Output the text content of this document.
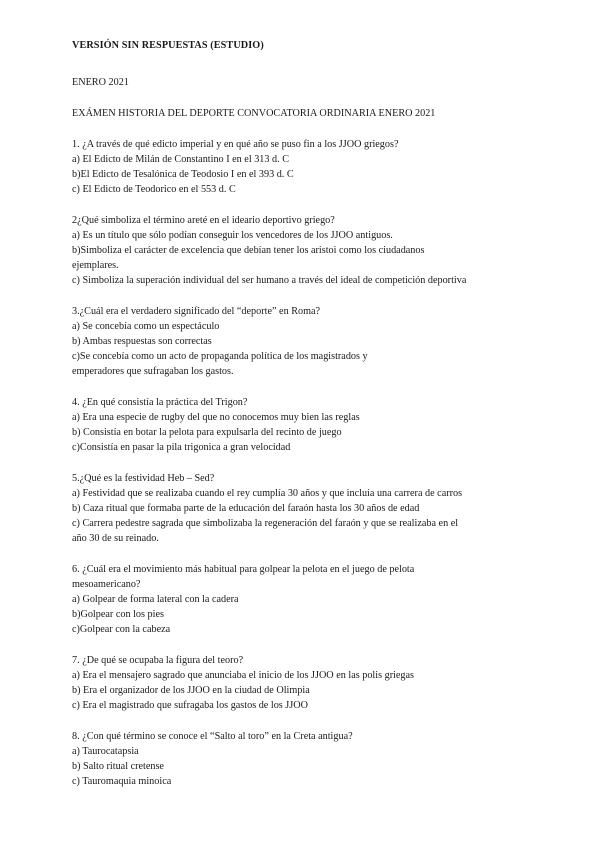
VERSIÓN SIN RESPUESTAS (ESTUDIO)
ENERO 2021
EXÁMEN HISTORIA DEL DEPORTE CONVOCATORIA ORDINARIA ENERO 2021
1. ¿A través de qué edicto imperial y en qué año se puso fin a los JJOO griegos?
a) El Edicto de Milán de Constantino I en el 313 d. C
b)El Edicto de Tesalónica de Teodosio I en el 393 d. C
c) El Edicto de Teodorico en el 553 d. C
2¿Qué simboliza el término areté en el ideario deportivo griego?
a) Es un título que sólo podían conseguir los vencedores de los JJOO antiguos.
b)Simboliza el carácter de excelencia que debían tener los aristoi como los ciudadanos
ejemplares.
c) Simboliza la superación individual del ser humano a través del ideal de competición deportiva
3.¿Cuál era el verdadero significado del “deporte” en Roma?
a) Se concebía como un espectáculo
b) Ambas respuestas son correctas
c)Se concebía como un acto de propaganda política de los magistrados y
emperadores que sufragaban los gastos.
4. ¿En qué consistía la práctica del Trigon?
a) Era una especie de rugby del que no conocemos muy bien las reglas
b) Consistía en botar la pelota para expulsarla del recinto de juego
c)Consistía en pasar la pila trigonica a gran velocidad
5.¿Qué es la festividad Heb – Sed?
a) Festividad que se realizaba cuando el rey cumplía 30 años y que incluía una carrera de carros
b) Caza ritual que formaba parte de la educación del faraón hasta los 30 años de edad
c) Carrera pedestre sagrada que simbolizaba la regeneración del faraón y que se realizaba en el
año 30 de su reinado.
6. ¿Cuál era el movimiento más habitual para golpear la pelota en el juego de pelota
mesoamericano?
a) Golpear de forma lateral con la cadera
b)Golpear con los pies
c)Golpear con la cabeza
7. ¿De qué se ocupaba la figura del teoro?
a) Era el mensajero sagrado que anunciaba el inicio de los JJOO en las polis griegas
b) Era el organizador de los JJOO en la ciudad de Olimpia
c) Era el magistrado que sufragaba los gastos de los JJOO
8. ¿Con qué término se conoce el “Salto al toro” en la Creta antigua?
a) Taurocatapsia
b) Salto ritual cretense
c) Tauromaquia minoica
